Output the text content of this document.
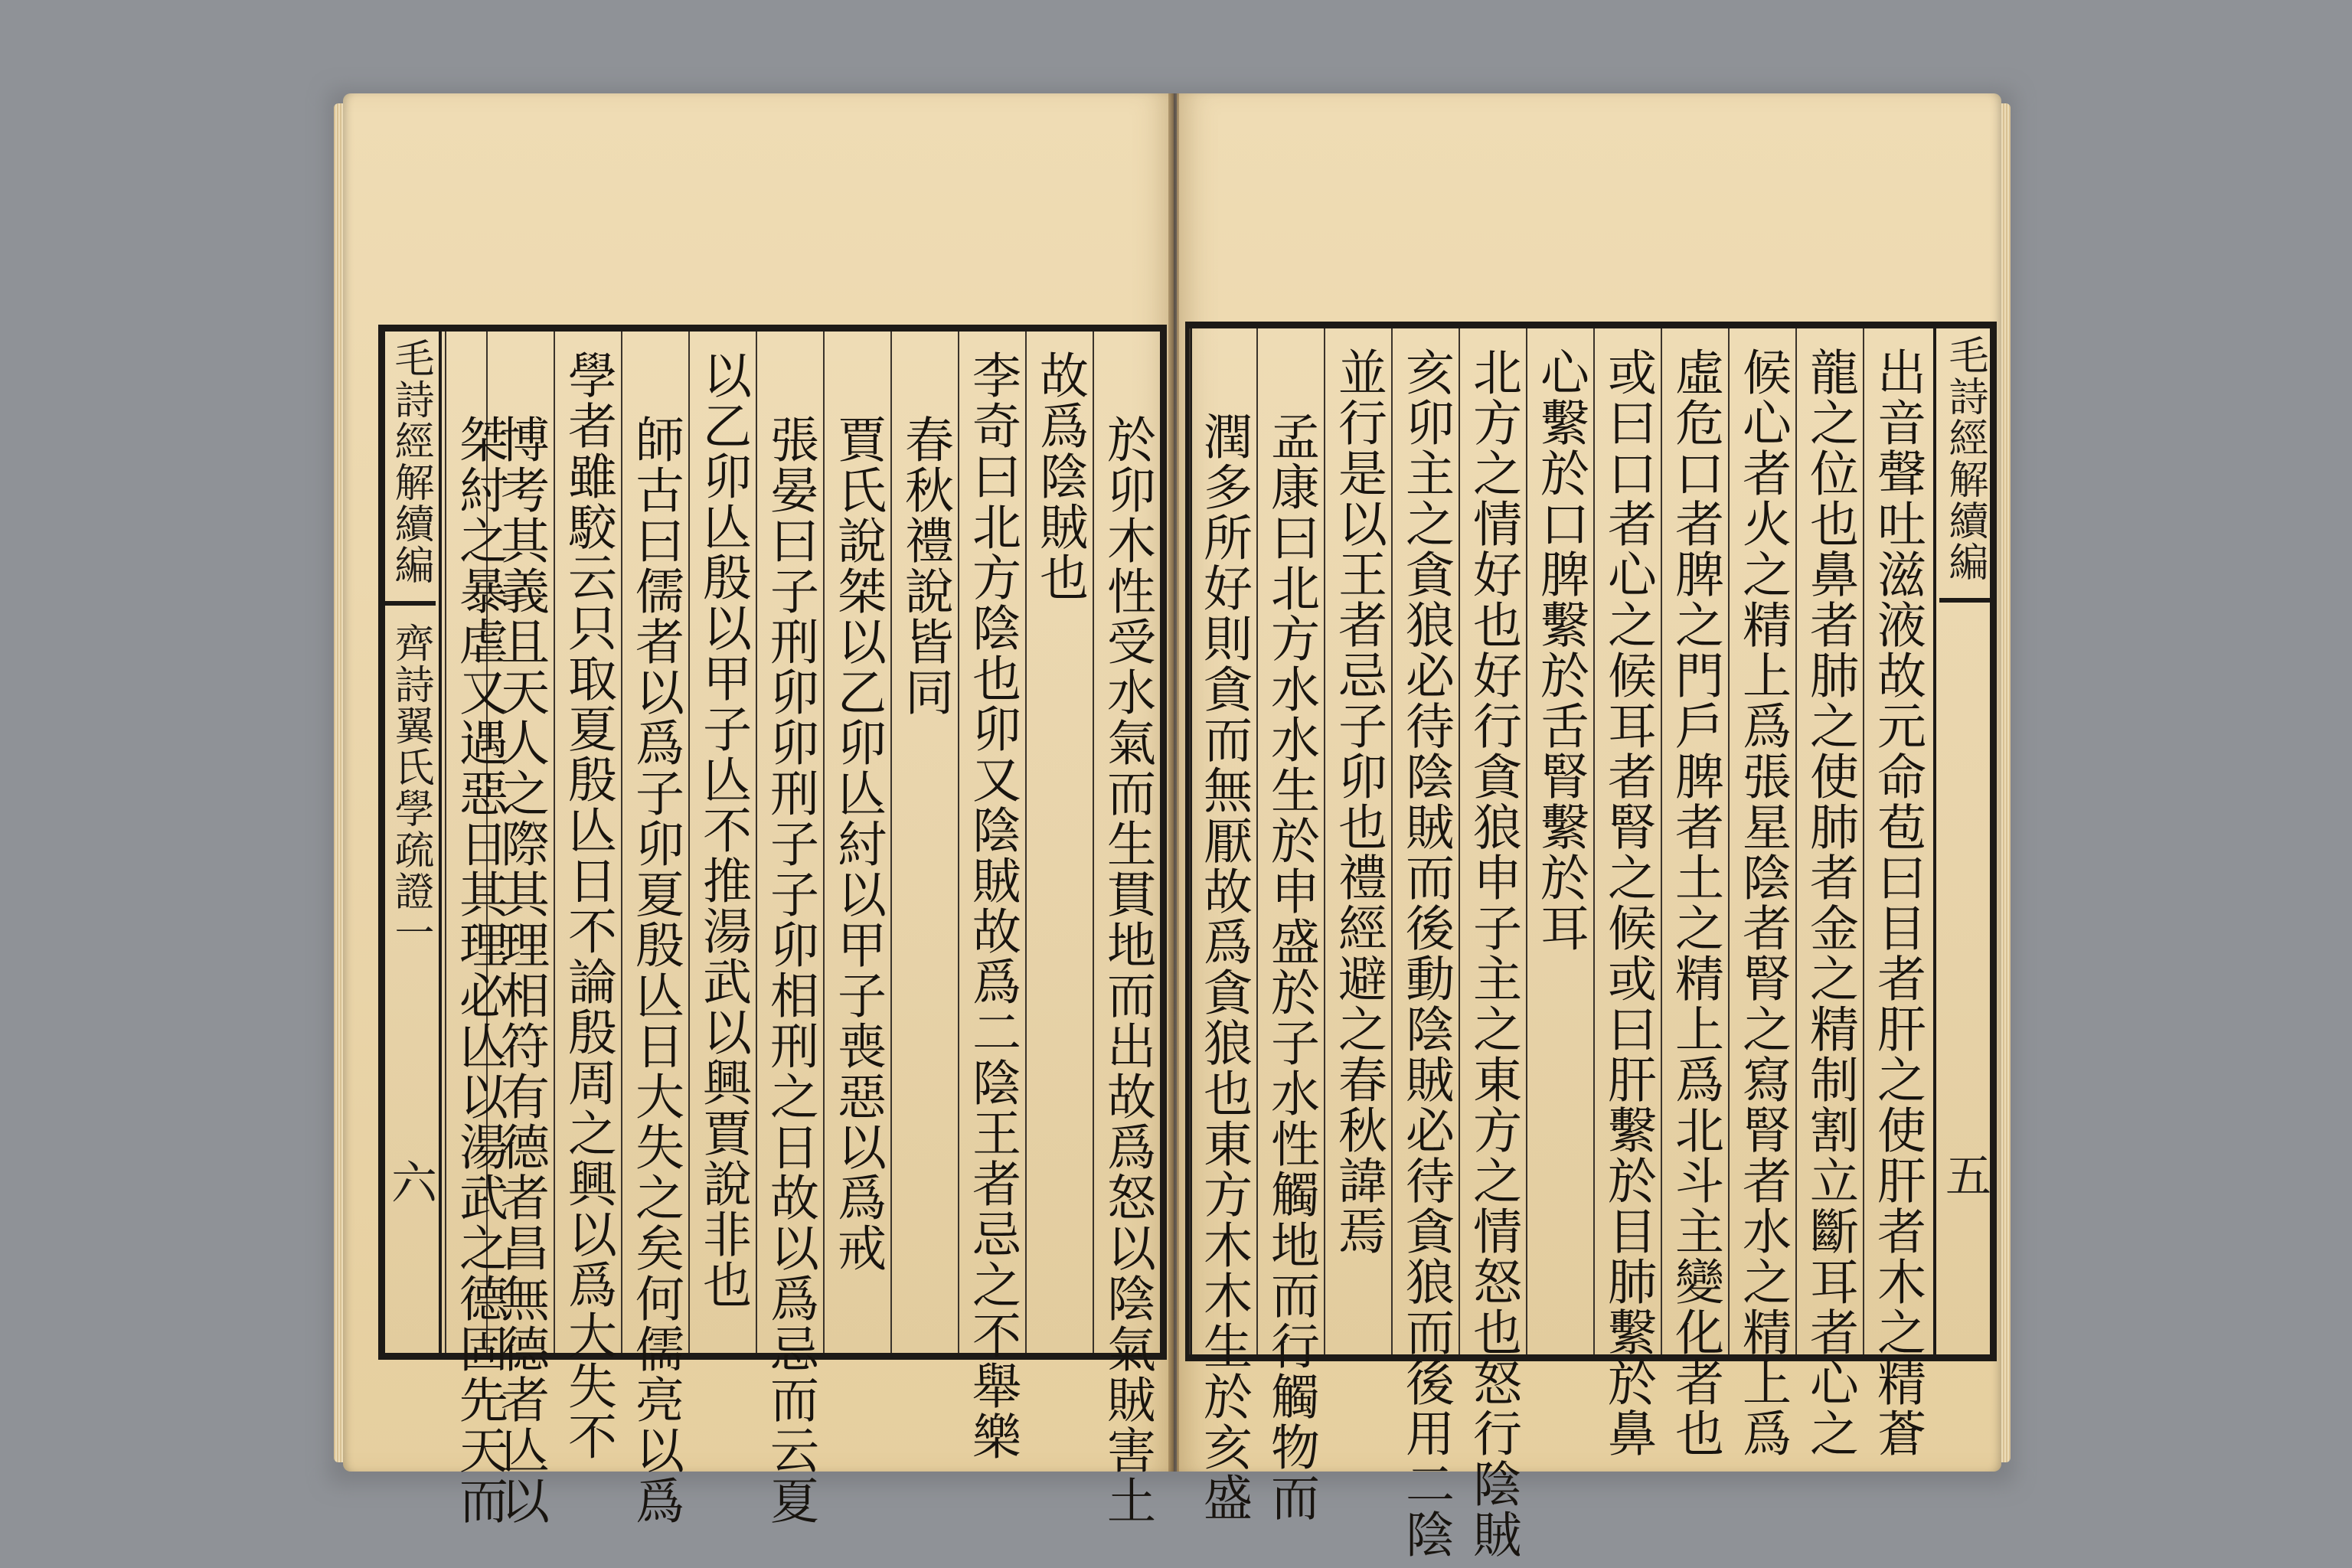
毛詩經解續編
齊詩翼氏學疏證一
六	於卯木性受水氣而生貫地而出故爲怒以陰氣賊害土
故爲陰賊也
李奇曰北方陰也卯又陰賊故爲二陰王者忌之不舉樂
春秋禮說皆同
賈氏說桀以乙卯亾紂以甲子喪惡以爲戒
張晏曰子刑卯卯刑子子卯相刑之日故以爲忌而云夏
以乙卯亾殷以甲子亾不推湯武以興賈說非也
師古曰儒者以爲子卯夏殷亾日大失之矣何儒亮以爲
學者雖駮云只取夏殷亾日不論殷周之興以爲大失不
博考其義且天人之際其理相符有德者昌無德者亾以
桀紂之暴虐又遇惡日其理必亾以湯武之德固先天而	毛詩經解續編
五
出音聲吐滋液故元命苞曰目者肝之使肝者木之精蒼
龍之位也鼻者肺之使肺者金之精制割立斷耳者心之
候心者火之精上爲張星陰者腎之寫腎者水之精上爲
虛危口者脾之門戶脾者土之精上爲北斗主變化者也
或曰口者心之候耳者腎之候或曰肝繫於目肺繫於鼻
心繫於口脾繫於舌腎繫於耳
北方之情好也好行貪狼申子主之東方之情怒也怒行陰賊
亥卯主之貪狼必待陰賊而後動陰賊必待貪狼而後用二陰
並行是以王者忌子卯也禮經避之春秋諱焉
孟康曰北方水水生於申盛於子水性觸地而行觸物而
潤多所好則貪而無厭故爲貪狼也東方木木生於亥盛
